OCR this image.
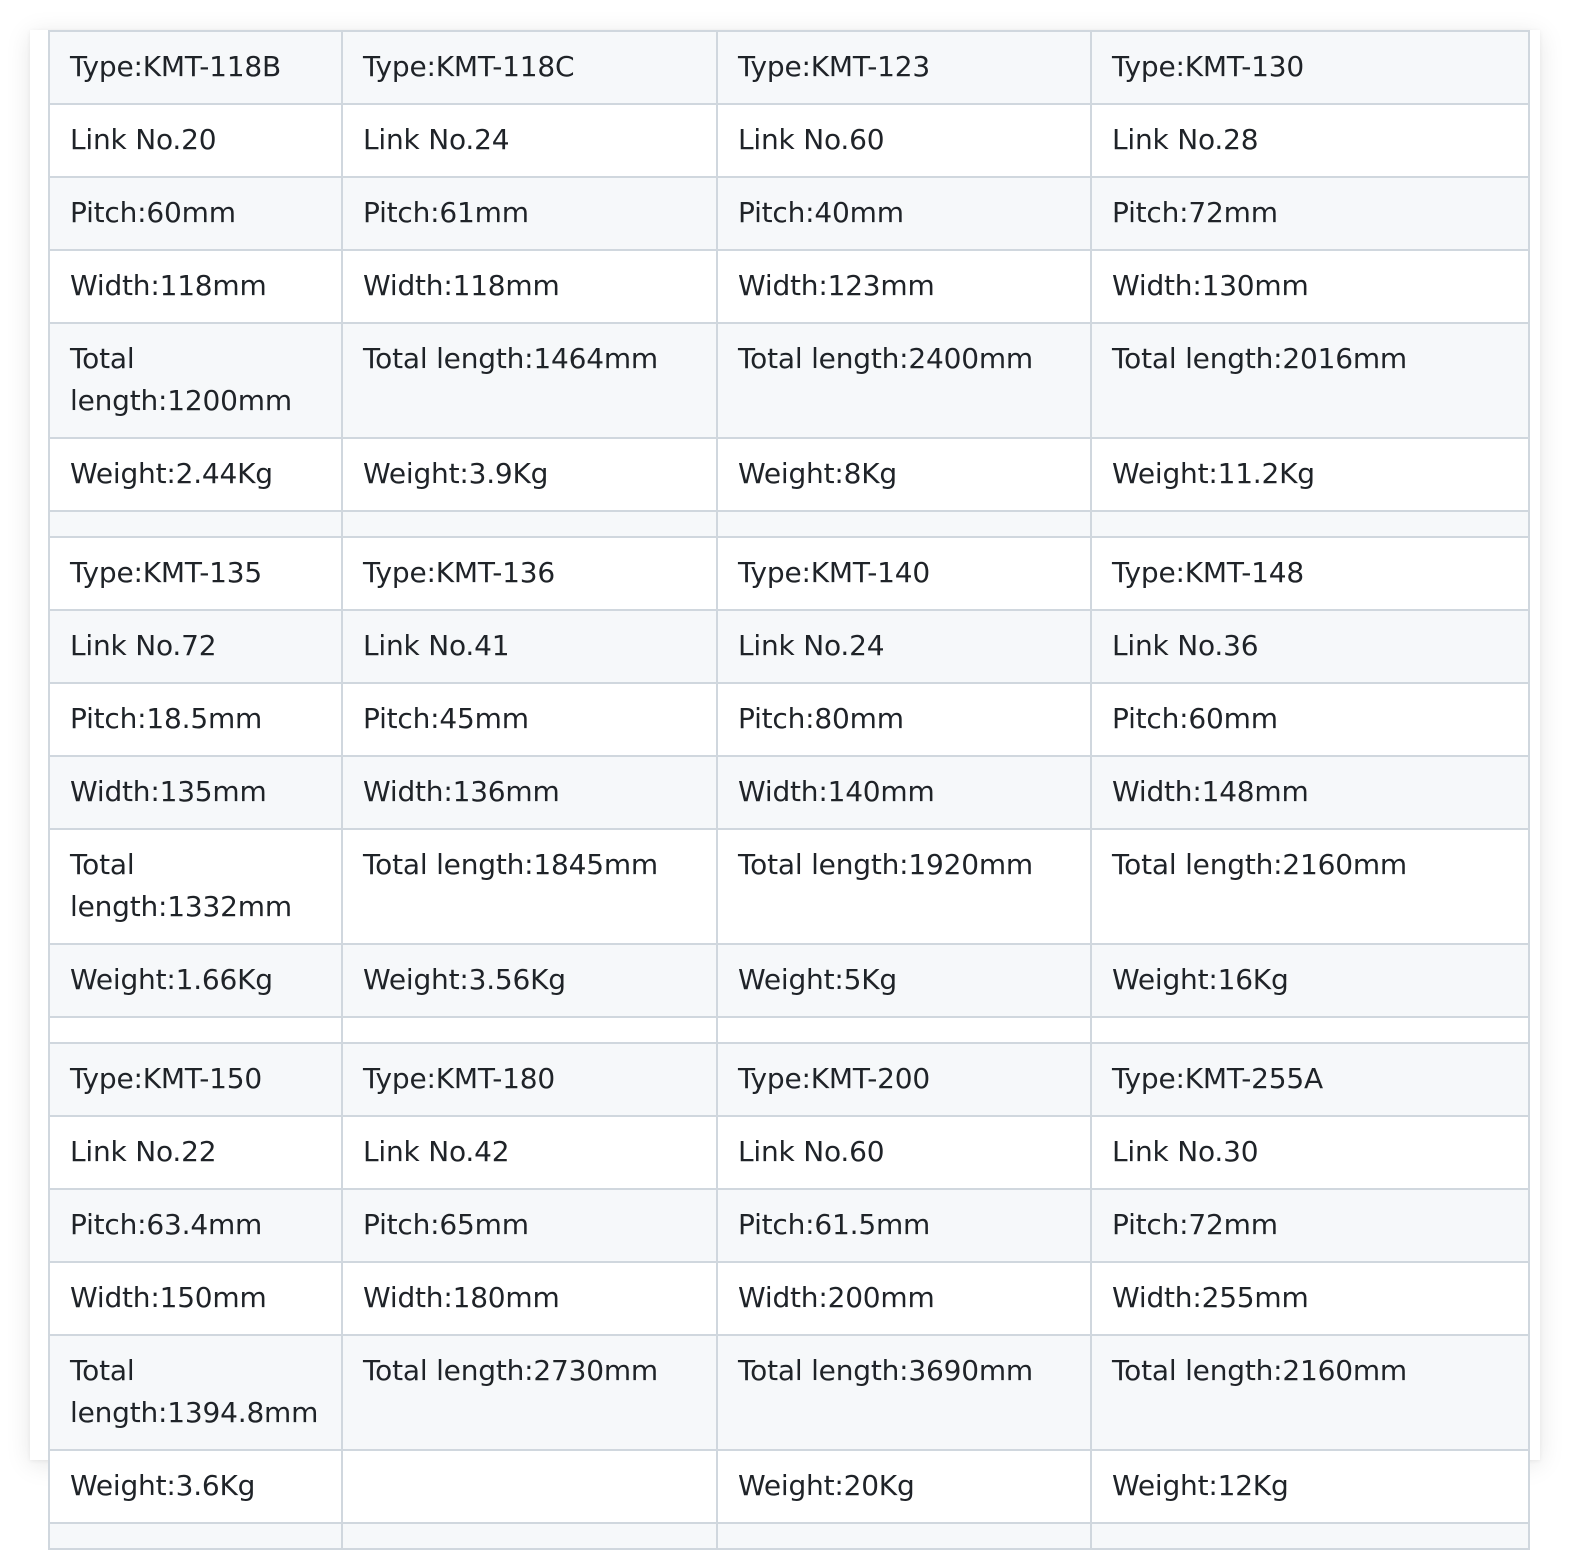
Type:KMT-118B	Type:KMT-118C	Type:KMT-123	Type:KMT-130
Link No.20	Link No.24	Link No.60	Link No.28
Pitch:60mm	Pitch:61mm	Pitch:40mm	Pitch:72mm
Width:118mm	Width:118mm	Width:123mm	Width:130mm
Total length:1200mm	Total length:1464mm	Total length:2400mm	Total length:2016mm
Weight:2.44Kg	Weight:3.9Kg	Weight:8Kg	Weight:11.2Kg

Type:KMT-135	Type:KMT-136	Type:KMT-140	Type:KMT-148
Link No.72	Link No.41	Link No.24	Link No.36
Pitch:18.5mm	Pitch:45mm	Pitch:80mm	Pitch:60mm
Width:135mm	Width:136mm	Width:140mm	Width:148mm
Total length:1332mm	Total length:1845mm	Total length:1920mm	Total length:2160mm
Weight:1.66Kg	Weight:3.56Kg	Weight:5Kg	Weight:16Kg

Type:KMT-150	Type:KMT-180	Type:KMT-200	Type:KMT-255A
Link No.22	Link No.42	Link No.60	Link No.30
Pitch:63.4mm	Pitch:65mm	Pitch:61.5mm	Pitch:72mm
Width:150mm	Width:180mm	Width:200mm	Width:255mm
Total length:1394.8mm	Total length:2730mm	Total length:3690mm	Total length:2160mm
Weight:3.6Kg		Weight:20Kg	Weight:12Kg
